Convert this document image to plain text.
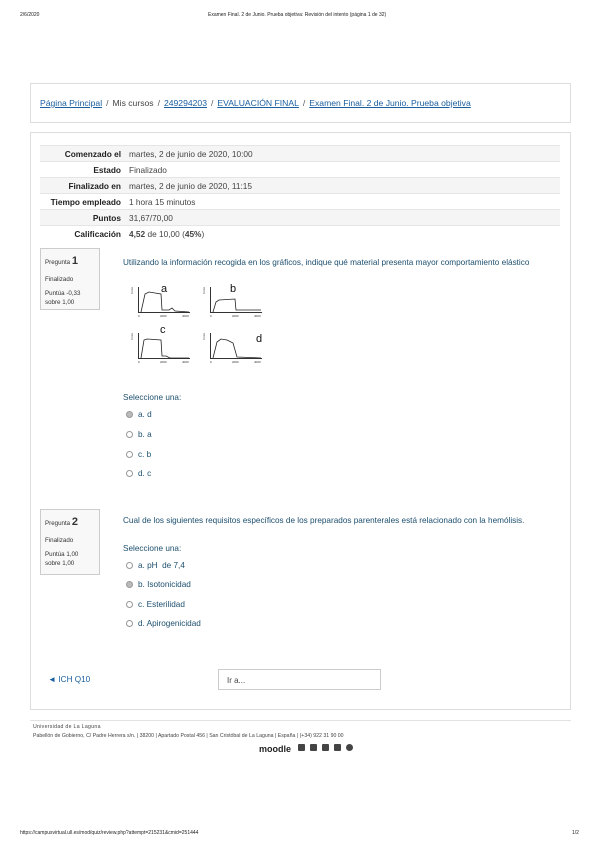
2/6/2020	Examen Final. 2 de Junio. Prueba objetiva: Revisión del intento (página 1 de 32)
Página Principal / Mis cursos / 249294203 / EVALUACIÓN FINAL / Examen Final. 2 de Junio. Prueba objetiva
Comenzado el	martes, 2 de junio de 2020, 10:00
Estado	Finalizado
Finalizado en	martes, 2 de junio de 2020, 11:15
Tiempo empleado	1 hora 15 minutos
Puntos	31,67/70,00
Calificación	4,52 de 10,00 (45%)
Pregunta 1
Finalizado
Puntúa -0,33
sobre 1,00
Utilizando la información recogida en los gráficos, indique qué material presenta mayor comportamiento elástico
force a
0	2000	4000
force b
0	2000	4000
force
c
0	2000	4000
force	d
0	2000	4000
Seleccione una:
a. d
b. a
c. b
d. c
Pregunta 2
Finalizado
Puntúa 1,00
sobre 1,00
Cual de los siguientes requisitos específicos de los preparados parenterales está relacionado con la hemólisis.
Seleccione una:
a. pH  de 7,4
b. Isotonicidad
c. Esterilidad
d. Apirogenicidad
◄ ICH Q10	Ir a...
Universidad de La Laguna
Pabellón de Gobierno, C/ Padre Herrera s/n. | 38200 | Apartado Postal 456 | San Cristóbal de La Laguna | España | (+34) 922 31 90 00
moodle
https://campusvirtual.ull.es/mod/quiz/review.php?attempt=215231&cmid=251444	1/2
